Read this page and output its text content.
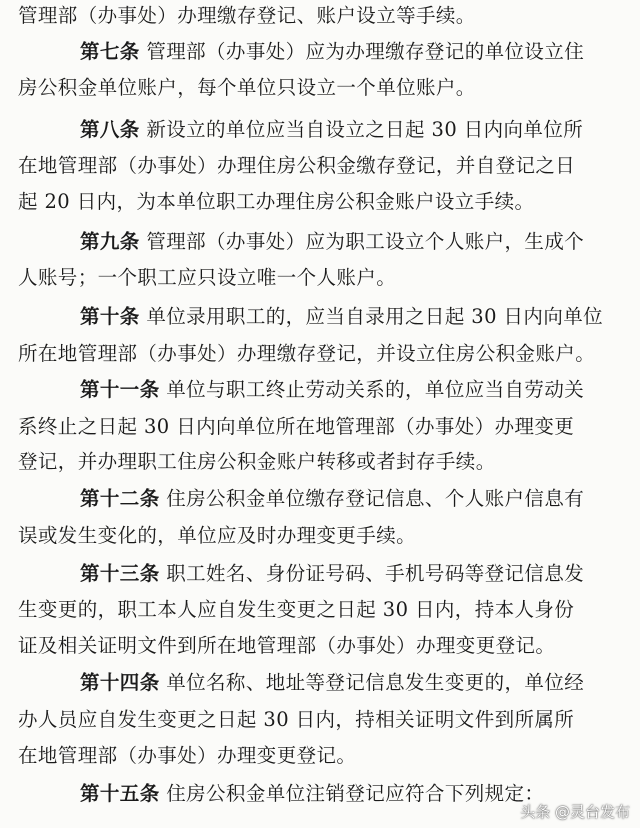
管理部（办事处）办理缴存登记、账户设立等手续。
第七条 管理部（办事处）应为办理缴存登记的单位设立住
房公积金单位账户，每个单位只设立一个单位账户。
第八条 新设立的单位应当自设立之日起 30 日内向单位所
在地管理部（办事处）办理住房公积金缴存登记，并自登记之日
起 20 日内，为本单位职工办理住房公积金账户设立手续。
第九条 管理部（办事处）应为职工设立个人账户，生成个
人账号；一个职工应只设立唯一个人账户。
第十条 单位录用职工的，应当自录用之日起 30 日内向单位
所在地管理部（办事处）办理缴存登记，并设立住房公积金账户。
第十一条 单位与职工终止劳动关系的，单位应当自劳动关
系终止之日起 30 日内向单位所在地管理部（办事处）办理变更
登记，并办理职工住房公积金账户转移或者封存手续。
第十二条 住房公积金单位缴存登记信息、个人账户信息有
误或发生变化的，单位应及时办理变更手续。
第十三条 职工姓名、身份证号码、手机号码等登记信息发
生变更的，职工本人应自发生变更之日起 30 日内，持本人身份
证及相关证明文件到所在地管理部（办事处）办理变更登记。
第十四条 单位名称、地址等登记信息发生变更的，单位经
办人员应自发生变更之日起 30 日内，持相关证明文件到所属所
在地管理部（办事处）办理变更登记。
第十五条 住房公积金单位注销登记应符合下列规定：
头条 @灵台发布
